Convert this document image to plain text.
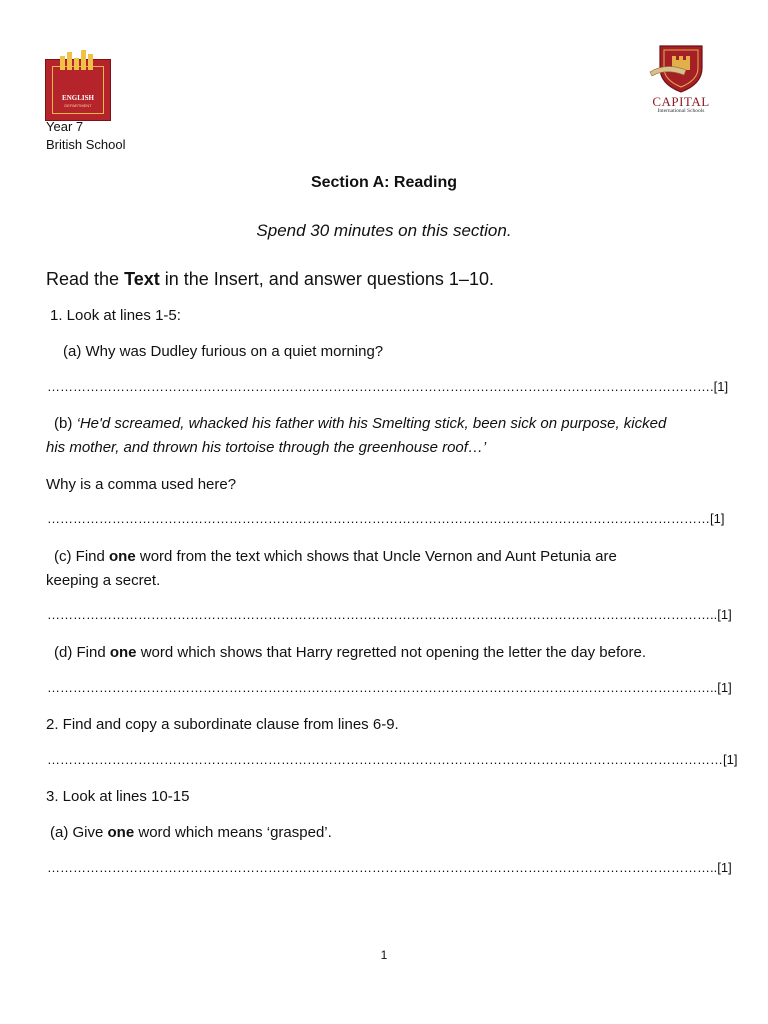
ENGLISH
DEPARTMENT	CAPITAL
International Schools
Year 7
British School
Section A: Reading
Spend 30 minutes on this section.
Read the Text in the Insert, and answer questions 1–10.
1. Look at lines 1-5:
(a) Why was Dudley furious on a quiet morning?
……………………………………………………………………………………………………………………………………….[1]
(b) ‘He'd screamed, whacked his father with his Smelting stick, been sick on purpose, kicked
his mother, and thrown his tortoise through the greenhouse roof…’
Why is a comma used here?
………………………………………………………………………………………………………………………………………[1]
(c) Find one word from the text which shows that Uncle Vernon and Aunt Petunia are
keeping a secret.
………………………………………………………………………………………………………………………………………..[1]
(d) Find one word which shows that Harry regretted not opening the letter the day before.
………………………………………………………………………………………………………………………………………..[1]
2. Find and copy a subordinate clause from lines 6-9.
…………………………………………………………………………………………………………………………………………[1]
3. Look at lines 10-15
(a) Give one word which means ‘grasped’.
………………………………………………………………………………………………………………………………………..[1]
1
